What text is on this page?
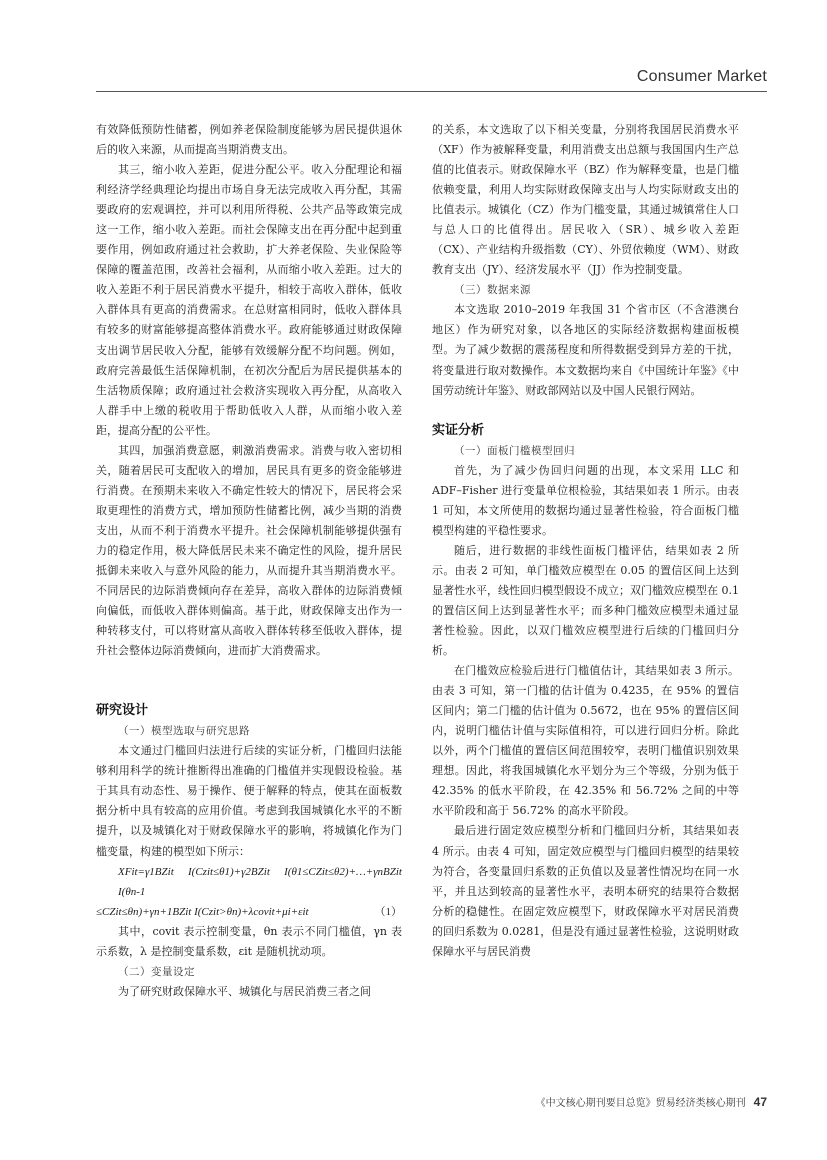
Consumer Market

有效降低预防性储蓄，例如养老保险制度能够为居民提供退休后的收入来源，从而提高当期消费支出。

其三，缩小收入差距，促进分配公平。收入分配理论和福利经济学经典理论均提出市场自身无法完成收入再分配，其需要政府的宏观调控，并可以利用所得税、公共产品等政策完成这一工作，缩小收入差距。而社会保障支出在再分配中起到重要作用，例如政府通过社会救助，扩大养老保险、失业保险等保障的覆盖范围，改善社会福利，从而缩小收入差距。过大的收入差距不利于居民消费水平提升，相较于高收入群体，低收入群体具有更高的消费需求。在总财富相同时，低收入群体具有较多的财富能够提高整体消费水平。政府能够通过财政保障支出调节居民收入分配，能够有效缓解分配不均问题。例如，政府完善最低生活保障机制，在初次分配后为居民提供基本的生活物质保障；政府通过社会救济实现收入再分配，从高收入人群手中上缴的税收用于帮助低收入人群，从而缩小收入差距，提高分配的公平性。

其四，加强消费意愿，刺激消费需求。消费与收入密切相关，随着居民可支配收入的增加，居民具有更多的资金能够进行消费。在预期未来收入不确定性较大的情况下，居民将会采取更理性的消费方式，增加预防性储蓄比例，减少当期的消费支出，从而不利于消费水平提升。社会保障机制能够提供强有力的稳定作用，极大降低居民未来不确定性的风险，提升居民抵御未来收入与意外风险的能力，从而提升其当期消费水平。不同居民的边际消费倾向存在差异，高收入群体的边际消费倾向偏低，而低收入群体则偏高。基于此，财政保障支出作为一种转移支付，可以将财富从高收入群体转移至低收入群体，提升社会整体边际消费倾向，进而扩大消费需求。

研究设计
（一）模型选取与研究思路

本文通过门槛回归法进行后续的实证分析，门槛回归法能够利用科学的统计推断得出准确的门槛值并实现假设检验。基于其具有动态性、易于操作、便于解释的特点，使其在面板数据分析中具有较高的应用价值。考虑到我国城镇化水平的不断提升，以及城镇化对于财政保障水平的影响，将城镇化作为门槛变量，构建的模型如下所示：

XFit=γ1BZit I(Czit≤θ1)+γ2BZit I(θ1≤CZit≤θ2)+…+γnBZit I(θn-1
≤CZit≤θn)+γn+1BZit I(Czit>θn)+λcovit+μi+εit	（1）

其中，covit 表示控制变量，θn 表示不同门槛值，γn 表示系数，λ 是控制变量系数，εit 是随机扰动项。

（二）变量设定

为了研究财政保障水平、城镇化与居民消费三者之间

的关系，本文选取了以下相关变量，分别将我国居民消费水平（XF）作为被解释变量，利用消费支出总额与我国国内生产总值的比值表示。财政保障水平（BZ）作为解释变量，也是门槛依赖变量，利用人均实际财政保障支出与人均实际财政支出的比值表示。城镇化（CZ）作为门槛变量，其通过城镇常住人口与总人口的比值得出。居民收入（SR）、城乡收入差距（CX）、产业结构升级指数（CY）、外贸依赖度（WM）、财政教育支出（JY）、经济发展水平（JJ）作为控制变量。

（三）数据来源

本文选取 2010–2019 年我国 31 个省市区（不含港澳台地区）作为研究对象，以各地区的实际经济数据构建面板模型。为了减少数据的震荡程度和所得数据受到异方差的干扰，将变量进行取对数操作。本文数据均来自《中国统计年鉴》《中国劳动统计年鉴》、财政部网站以及中国人民银行网站。

实证分析
（一）面板门槛模型回归

首先，为了减少伪回归问题的出现，本文采用 LLC 和 ADF–Fisher 进行变量单位根检验，其结果如表 1 所示。由表 1 可知，本文所使用的数据均通过显著性检验，符合面板门槛模型构建的平稳性要求。

随后，进行数据的非线性面板门槛评估，结果如表 2 所示。由表 2 可知，单门槛效应模型在 0.05 的置信区间上达到显著性水平，线性回归模型假设不成立；双门槛效应模型在 0.1 的置信区间上达到显著性水平；而多种门槛效应模型未通过显著性检验。因此，以双门槛效应模型进行后续的门槛回归分析。

在门槛效应检验后进行门槛值估计，其结果如表 3 所示。由表 3 可知，第一门槛的估计值为 0.4235，在 95% 的置信区间内；第二门槛的估计值为 0.5672，也在 95% 的置信区间内，说明门槛估计值与实际值相符，可以进行回归分析。除此以外，两个门槛值的置信区间范围较窄，表明门槛值识别效果理想。因此，将我国城镇化水平划分为三个等级，分别为低于 42.35% 的低水平阶段，在 42.35% 和 56.72% 之间的中等水平阶段和高于 56.72% 的高水平阶段。

最后进行固定效应模型分析和门槛回归分析，其结果如表 4 所示。由表 4 可知，固定效应模型与门槛回归模型的结果较为符合，各变量回归系数的正负值以及显著性情况均在同一水平，并且达到较高的显著性水平，表明本研究的结果符合数据分析的稳健性。在固定效应模型下，财政保障水平对居民消费的回归系数为 0.0281，但是没有通过显著性检验，这说明财政保障水平与居民消费

《中文核心期刊要目总览》贸易经济类核心期刊 47
